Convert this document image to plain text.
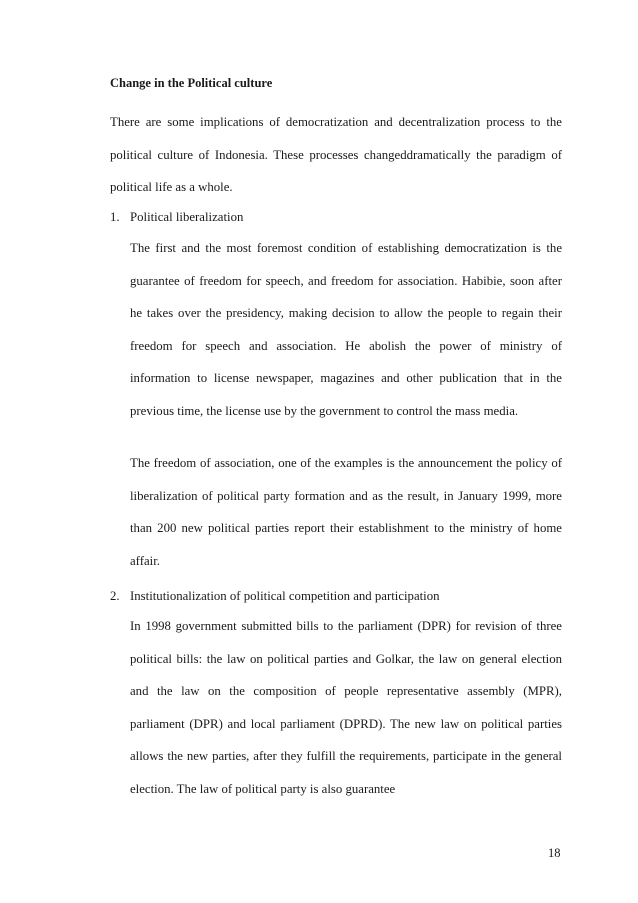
Change in the Political culture

There are some implications of democratization and decentralization process to the political culture of Indonesia. These processes changeddramatically the paradigm of political life as a whole.

1. Political liberalization

The first and the most foremost condition of establishing democratization is the guarantee of freedom for speech, and freedom for association. Habibie, soon after he takes over the presidency, making decision to allow the people to regain their freedom for speech and association. He abolish the power of ministry of information to license newspaper, magazines and other publication that in the previous time, the license use by the government to control the mass media.

The freedom of association, one of the examples is the announcement the policy of liberalization of political party formation and as the result, in January 1999, more than 200 new political parties report their establishment to the ministry of home affair.

2. Institutionalization of political competition and participation

In 1998 government submitted bills to the parliament (DPR) for revision of three political bills: the law on political parties and Golkar, the law on general election and the law on the composition of people representative assembly (MPR), parliament (DPR) and local parliament (DPRD). The new law on political parties allows the new parties, after they fulfill the requirements, participate in the general election. The law of political party is also guarantee

18
